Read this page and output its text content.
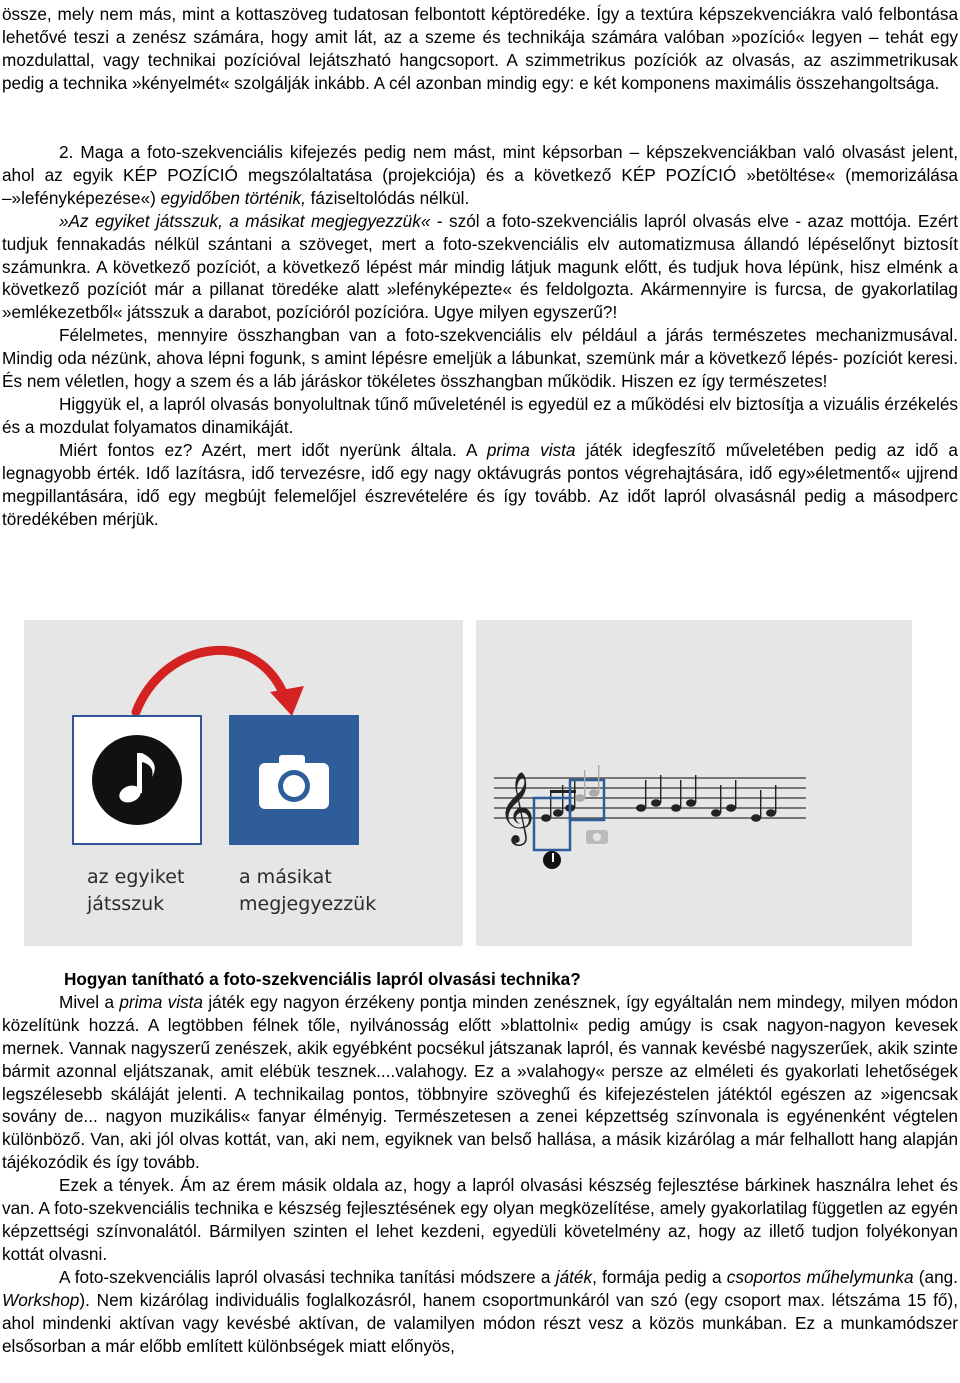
össze, mely nem más, mint a kottaszöveg tudatosan felbontott képtöredéke. Így a textúra képszekvenciákra való felbontása lehetővé teszi a zenész számára, hogy amit lát, az a szeme és technikája számára valóban »pozíció« legyen – tehát egy mozdulattal, vagy technikai pozícióval lejátszható hangcsoport. A szimmetrikus pozíciók az olvasás, az aszimmetrikusak pedig a technika »kényelmét« szolgálják inkább. A cél azonban mindig egy: e két komponens maximális összehangoltsága.

2. Maga a foto-szekvenciális kifejezés pedig nem mást, mint képsorban – képszekvenciákban való olvasást jelent, ahol az egyik KÉP POZÍCIÓ megszólaltatása (projekciója) és a következő KÉP POZÍCIÓ »betöltése« (memorizálása –»lefényképezése«) egyidőben történik, fáziseltolódás nélkül.

»Az egyiket játsszuk, a másikat megjegyezzük« - szól a foto-szekvenciális lapról olvasás elve - azaz mottója. Ezért tudjuk fennakadás nélkül szántani a szöveget, mert a foto-szekvenciális elv automatizmusa állandó lépéselőnyt biztosít számunkra. A következő pozíciót, a következő lépést már mindig látjuk magunk előtt, és tudjuk hova lépünk, hisz elménk a következő pozíciót már a pillanat töredéke alatt »lefényképezte« és feldolgozta. Akármennyire is furcsa, de gyakorlatilag »emlékezetből« játsszuk a darabot, pozícióról pozícióra. Ugye milyen egyszerű?!

Félelmetes, mennyire összhangban van a foto-szekvenciális elv például a járás természetes mechanizmusával. Mindig oda nézünk, ahova lépni fogunk, s amint lépésre emeljük a lábunkat, szemünk már a következő lépés- pozíciót keresi. És nem véletlen, hogy a szem és a láb járáskor tökéletes összhangban működik. Hiszen ez így természetes!

Higgyük el, a lapról olvasás bonyolultnak tűnő műveleténél is egyedül ez a működési elv biztosítja a vizuális érzékelés és a mozdulat folyamatos dinamikáját.

Miért fontos ez? Azért, mert időt nyerünk általa. A prima vista játék idegfeszítő műveletében pedig az idő a legnagyobb érték. Idő lazításra, idő tervezésre, idő egy nagy oktávugrás pontos végrehajtására, idő egy»életmentő« ujjrend megpillantására, idő egy megbújt felemelőjel észrevételére és így tovább. Az időt lapról olvasásnál pedig a másodperc töredékében mérjük.

az egyiket
játsszuk
a másikat
megjegyezzük
𝄞

Hogyan tanítható a foto-szekvenciális lapról olvasási technika?

Mivel a prima vista játék egy nagyon érzékeny pontja minden zenésznek, így egyáltalán nem mindegy, milyen módon közelítünk hozzá. A legtöbben félnek tőle, nyilvánosság előtt »blattolni« pedig amúgy is csak nagyon-nagyon kevesek mernek. Vannak nagyszerű zenészek, akik egyébként pocsékul játszanak lapról, és vannak kevésbé nagyszerűek, akik szinte bármit azonnal eljátszanak, amit elébük tesznek....valahogy. Ez a »valahogy« persze az elméleti és gyakorlati lehetőségek legszélesebb skáláját jelenti. A technikailag pontos, többnyire szöveghű és kifejezéstelen játéktól egészen az »igencsak sovány de... nagyon muzikális« fanyar élményig. Természetesen a zenei képzettség színvonala is egyénenként végtelen különböző. Van, aki jól olvas kottát, van, aki nem, egyiknek van belső hallása, a másik kizárólag a már felhallott hang alapján tájékozódik és így tovább.

Ezek a tények. Ám az érem másik oldala az, hogy a lapról olvasási készség fejlesztése bárkinek használra lehet és van. A foto-szekvenciális technika e készség fejlesztésének egy olyan megközelítése, amely gyakorlatilag független az egyén képzettségi színvonalától. Bármilyen szinten el lehet kezdeni, egyedüli követelmény az, hogy az illető tudjon folyékonyan kottát olvasni.

A foto-szekvenciális lapról olvasási technika tanítási módszere a játék, formája pedig a csoportos műhelymunka (ang. Workshop). Nem kizárólag individuális foglalkozásról, hanem csoportmunkáról van szó (egy csoport max. létszáma 15 fő), ahol mindenki aktívan vagy kevésbé aktívan, de valamilyen módon részt vesz a közös munkában. Ez a munkamódszer elsősorban a már előbb említett különbségek miatt előnyös,
